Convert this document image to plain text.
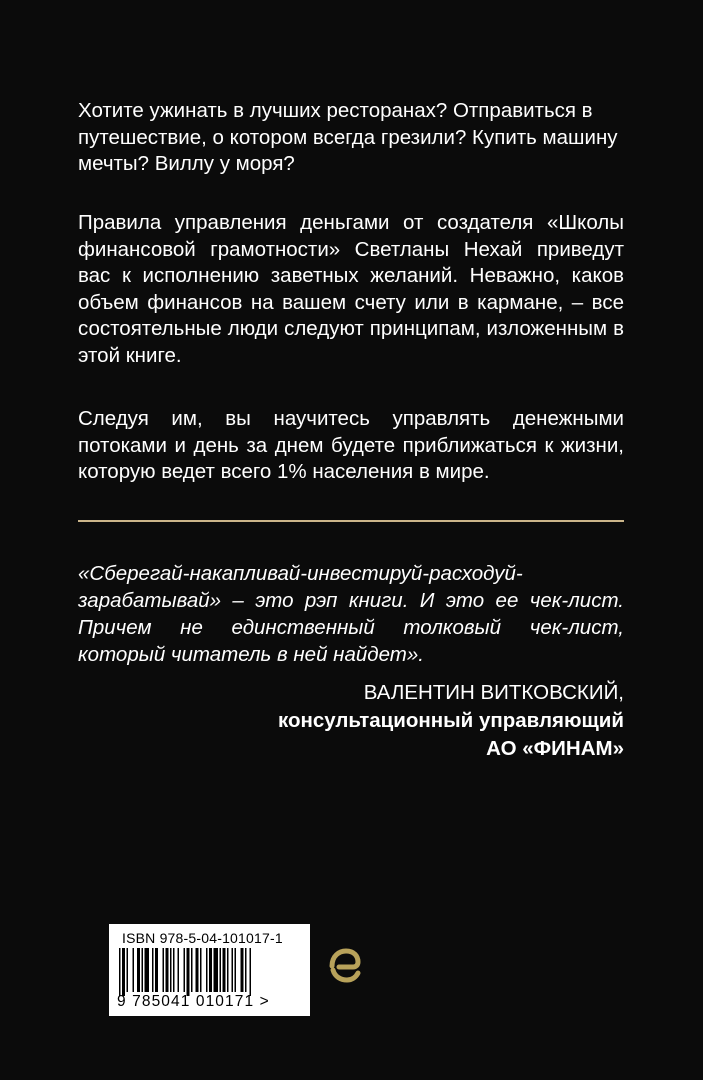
Хотите ужинать в лучших ресторанах? Отправиться в путешествие, о котором всегда грезили? Купить машину мечты? Виллу у моря?
Правила управления деньгами от создателя «Школы финансовой грамотности» Светланы Нехай приведут вас к исполнению заветных желаний. Неважно, каков объем финансов на вашем счету или в кармане, – все состоятельные люди следуют принципам, изложенным в этой книге.
Следуя им, вы научитесь управлять денежными потоками и день за днем будете приближаться к жизни, которую ведет всего 1% населения в мире.
«Сберегай-накапливай-инвестируй-расходуй-зарабатывай» – это рэп книги. И это ее чек-лист. Причем не единственный толковый чек-лист, который читатель в ней найдет».
ВАЛЕНТИН ВИТКОВСКИЙ,
консультационный управляющий
АО «ФИНАМ»
ISBN 978-5-04-101017-1
9 785041 010171 >
